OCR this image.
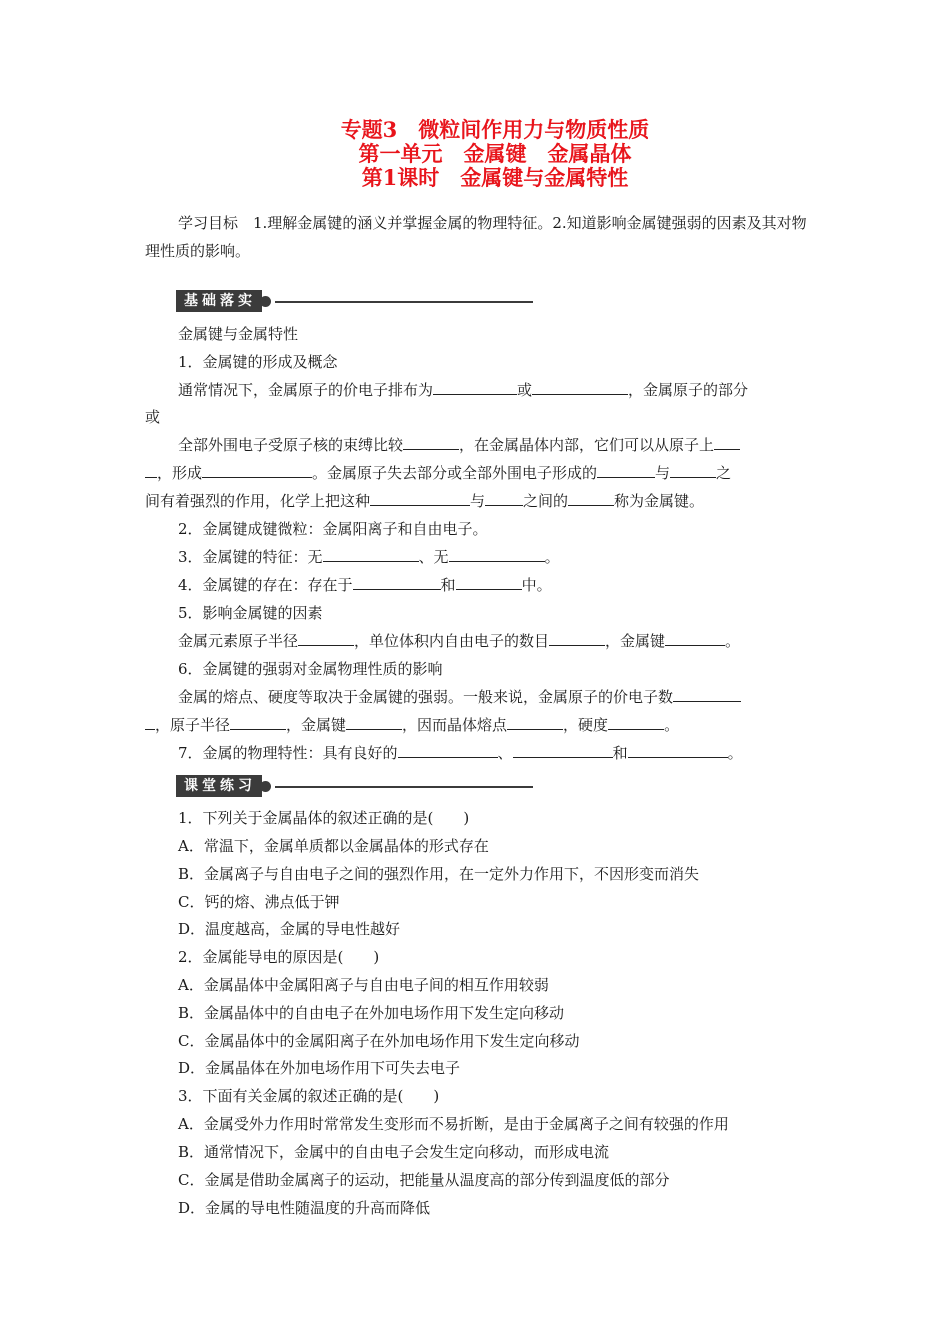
专题3　微粒间作用力与物质性质
第一单元　金属键　金属晶体
第1课时　金属键与金属特性
学习目标　1.理解金属键的涵义并掌握金属的物理特征。2.知道影响金属键强弱的因素及其对物理性质的影响。
基础落实
金属键与金属特性
1．金属键的形成及概念
通常情况下，金属原子的价电子排布为	或	，金属原子的部分
或
全部外围电子受原子核的束缚比较	，在金属晶体内部，它们可以从原子上
，形成	。金属原子失去部分或全部外围电子形成的	与	之
间有着强烈的作用，化学上把这种	与	之间的	称为金属键。
2．金属键成键微粒：金属阳离子和自由电子。
3．金属键的特征：无	、无	。
4．金属键的存在：存在于	和	中。
5．影响金属键的因素
金属元素原子半径	，单位体积内自由电子的数目	，金属键	。
6．金属键的强弱对金属物理性质的影响
金属的熔点、硬度等取决于金属键的强弱。一般来说，金属原子的价电子数
，原子半径	，金属键	，因而晶体熔点	，硬度	。
7．金属的物理特性：具有良好的	、	和	。
课堂练习
1．下列关于金属晶体的叙述正确的是(　　)
A．常温下，金属单质都以金属晶体的形式存在
B．金属离子与自由电子之间的强烈作用，在一定外力作用下，不因形变而消失
C．钙的熔、沸点低于钾
D．温度越高，金属的导电性越好
2．金属能导电的原因是(　　)
A．金属晶体中金属阳离子与自由电子间的相互作用较弱
B．金属晶体中的自由电子在外加电场作用下发生定向移动
C．金属晶体中的金属阳离子在外加电场作用下发生定向移动
D．金属晶体在外加电场作用下可失去电子
3．下面有关金属的叙述正确的是(　　)
A．金属受外力作用时常常发生变形而不易折断，是由于金属离子之间有较强的作用
B．通常情况下，金属中的自由电子会发生定向移动，而形成电流
C．金属是借助金属离子的运动，把能量从温度高的部分传到温度低的部分
D．金属的导电性随温度的升高而降低
